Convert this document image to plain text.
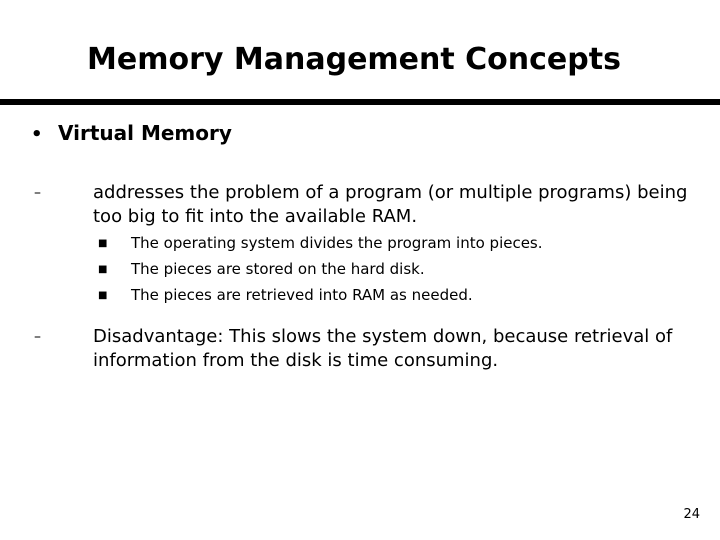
Memory Management Concepts
• Virtual Memory
–	addresses the problem of a program (or multiple programs) being too big to fit into the available RAM.
■ The operating system divides the program into pieces.
■ The pieces are stored on the hard disk.
■ The pieces are retrieved into RAM as needed.
–	Disadvantage: This slows the system down, because retrieval of information from the disk is time consuming.
24
